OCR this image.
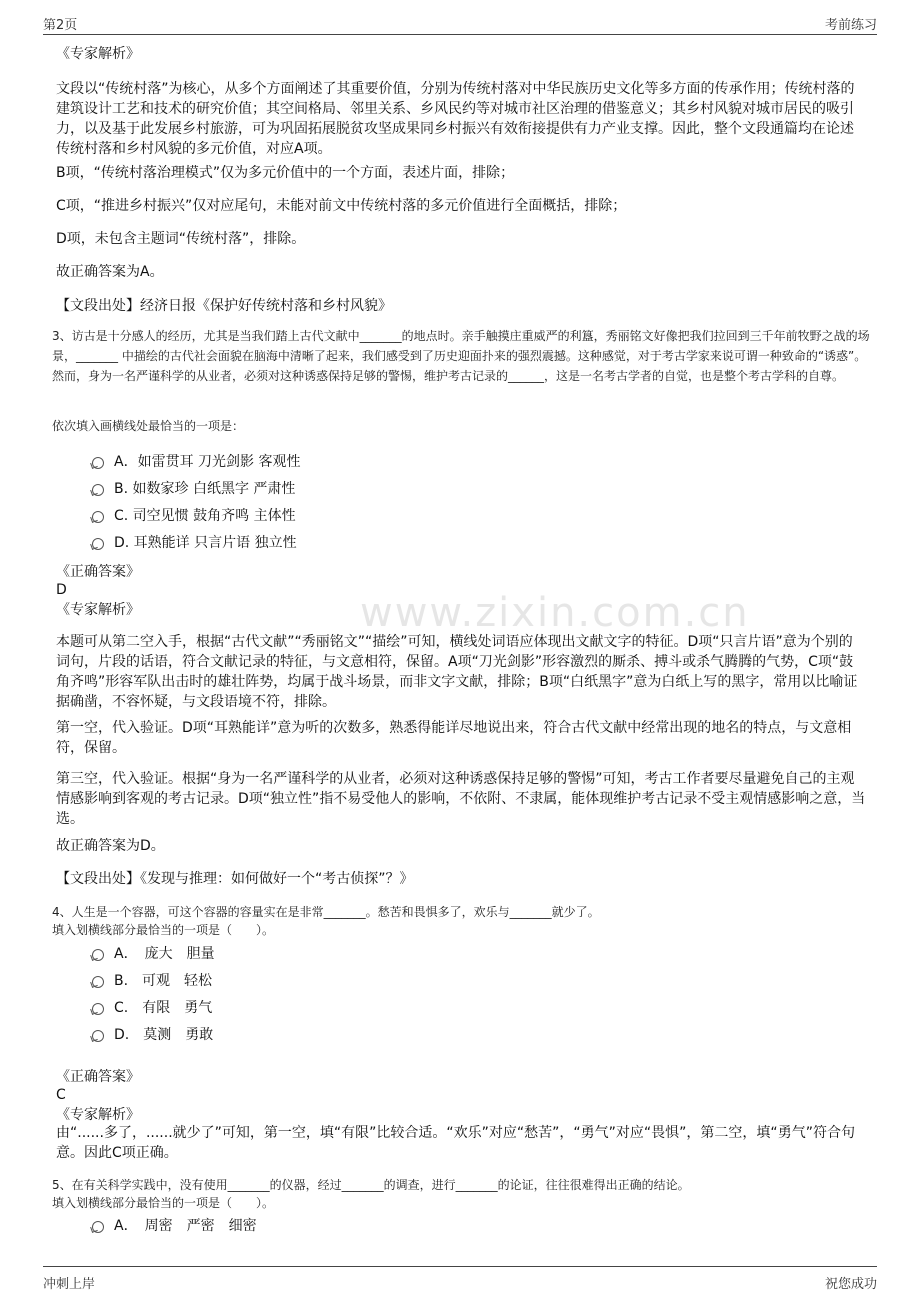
第2页	考前练习
www.zixin.com.cn
《专家解析》
文段以“传统村落”为核心，从多个方面阐述了其重要价值，分别为传统村落对中华民族历史文化等多方面的传承作用；传统村落的建筑设计工艺和技术的研究价值；其空间格局、邻里关系、乡风民约等对城市社区治理的借鉴意义；其乡村风貌对城市居民的吸引力，以及基于此发展乡村旅游，可为巩固拓展脱贫攻坚成果同乡村振兴有效衔接提供有力产业支撑。因此，整个文段通篇均在论述传统村落和乡村风貌的多元价值，对应A项。
B项，“传统村落治理模式”仅为多元价值中的一个方面，表述片面，排除；
C项，“推进乡村振兴”仅对应尾句，未能对前文中传统村落的多元价值进行全面概括，排除；
D项，未包含主题词“传统村落”，排除。
故正确答案为A。
【文段出处】经济日报《保护好传统村落和乡村风貌》
3、访古是十分感人的经历，尤其是当我们踏上古代文献中_______的地点时。亲手触摸庄重威严的利簋，秀丽铭文好像把我们拉回到三千年前牧野之战的场景，_______ 中描绘的古代社会面貌在脑海中清晰了起来，我们感受到了历史迎面扑来的强烈震撼。这种感觉，对于考古学家来说可谓一种致命的“诱惑”。然而，身为一名严谨科学的从业者，必须对这种诱惑保持足够的警惕，维护考古记录的______，这是一名考古学者的自觉，也是整个考古学科的自尊。
依次填入画横线处最恰当的一项是：
A．如雷贯耳 刀光剑影 客观性
B. 如数家珍 白纸黑字 严肃性
C. 司空见惯 鼓角齐鸣 主体性
D. 耳熟能详 只言片语 独立性
《正确答案》
D
《专家解析》
本题可从第二空入手，根据“古代文献”“秀丽铭文”“描绘”可知，横线处词语应体现出文献文字的特征。D项“只言片语”意为个别的词句，片段的话语，符合文献记录的特征，与文意相符，保留。A项“刀光剑影”形容激烈的厮杀、搏斗或杀气腾腾的气势，C项“鼓角齐鸣”形容军队出击时的雄壮阵势，均属于战斗场景，而非文字文献，排除；B项“白纸黑字”意为白纸上写的黑字，常用以比喻证据确凿，不容怀疑，与文段语境不符，排除。
第一空，代入验证。D项“耳熟能详”意为听的次数多，熟悉得能详尽地说出来，符合古代文献中经常出现的地名的特点，与文意相符，保留。
第三空，代入验证。根据“身为一名严谨科学的从业者，必须对这种诱惑保持足够的警惕”可知，考古工作者要尽量避免自己的主观情感影响到客观的考古记录。D项“独立性”指不易受他人的影响，不依附、不隶属，能体现维护考古记录不受主观情感影响之意，当选。
故正确答案为D。
【文段出处】《发现与推理：如何做好一个“考古侦探”？》
4、人生是一个容器，可这个容器的容量实在是非常_______。愁苦和畏惧多了，欢乐与_______就少了。
填入划横线部分最恰当的一项是（　　）。
A．　庞大　胆量
B.　可观　轻松
C.　有限　勇气
D.　莫测　勇敢
《正确答案》
C
《专家解析》
由“......多了，......就少了”可知，第一空，填“有限”比较合适。“欢乐”对应“愁苦”，“勇气”对应“畏惧”，第二空，填“勇气”符合句意。因此C项正确。
5、在有关科学实践中，没有使用_______的仪器，经过_______的调查，进行_______的论证，往往很难得出正确的结论。
填入划横线部分最恰当的一项是（　　）。
A．　周密　严密　细密
冲刺上岸	祝您成功
